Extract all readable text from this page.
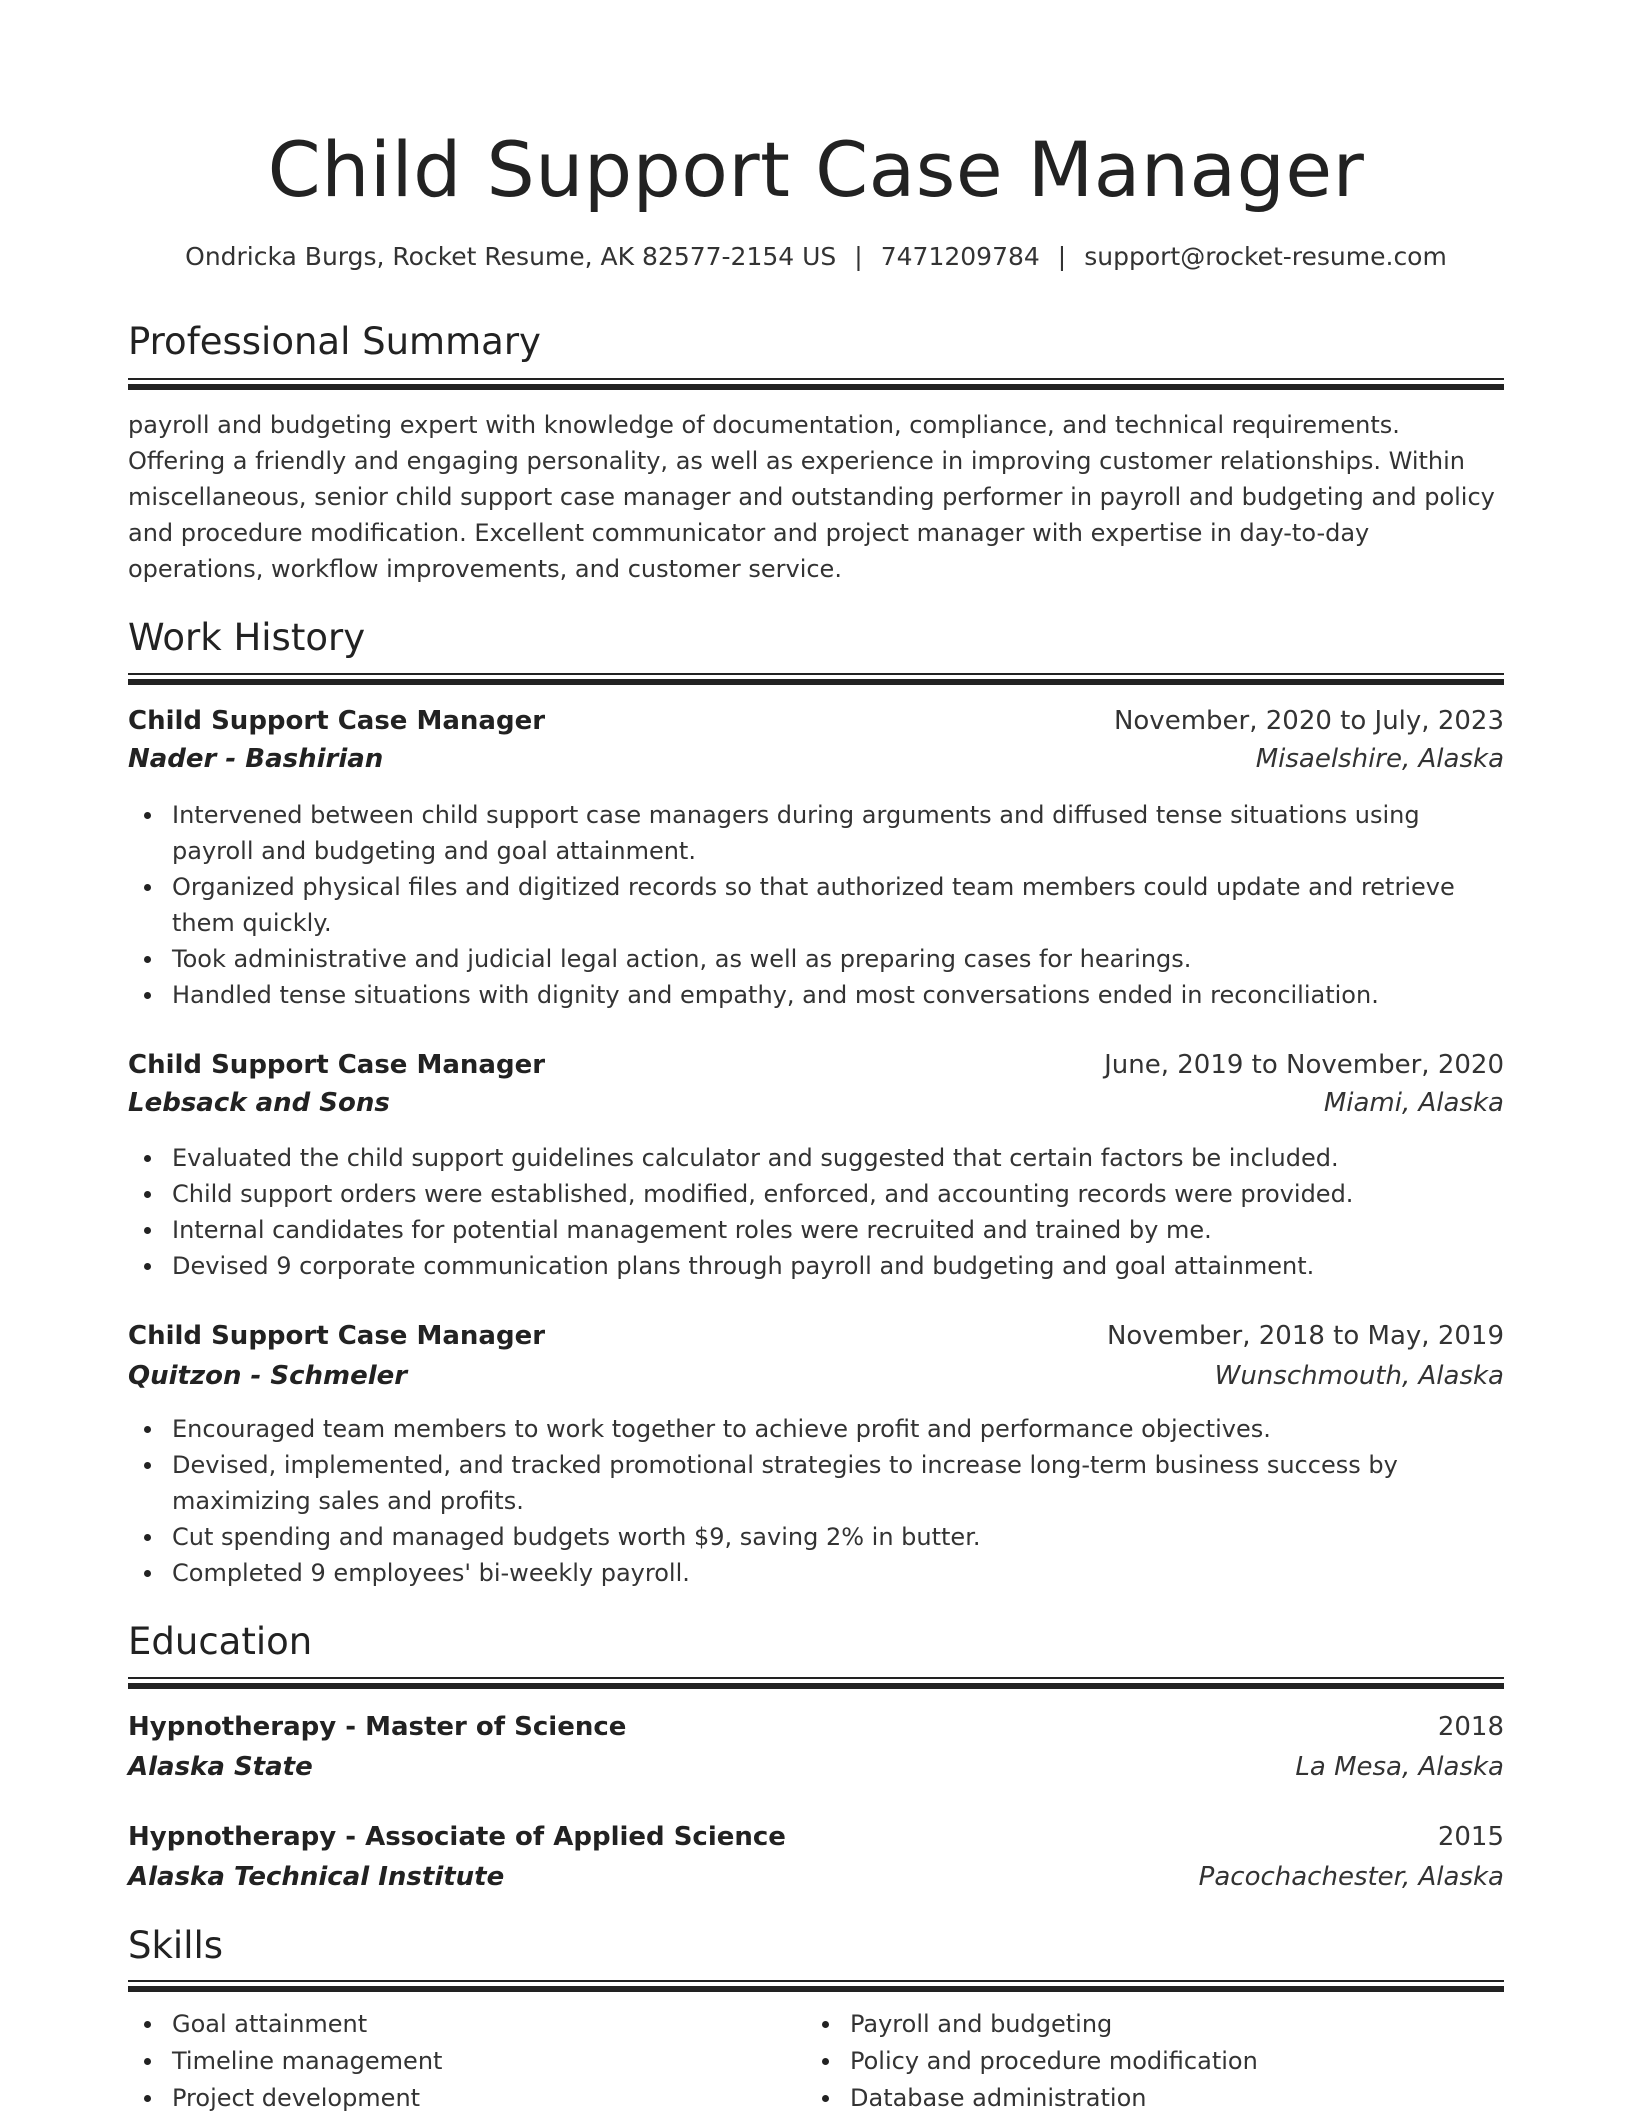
Child Support Case Manager
Ondricka Burgs, Rocket Resume, AK 82577-2154 US | 7471209784 | support@rocket-resume.com
Professional Summary

payroll and budgeting expert with knowledge of documentation, compliance, and technical requirements. Offering a friendly and engaging personality, as well as experience in improving customer relationships. Within miscellaneous, senior child support case manager and outstanding performer in payroll and budgeting and policy and procedure modification. Excellent communicator and project manager with expertise in day-to-day operations, workflow improvements, and customer service.

Work History
Child Support Case Manager	November, 2020 to July, 2023
Nader - Bashirian	Misaelshire, Alaska
Intervened between child support case managers during arguments and diffused tense situations using payroll and budgeting and goal attainment.
Organized physical files and digitized records so that authorized team members could update and retrieve them quickly.
Took administrative and judicial legal action, as well as preparing cases for hearings.
Handled tense situations with dignity and empathy, and most conversations ended in reconciliation.
Child Support Case Manager	June, 2019 to November, 2020
Lebsack and Sons	Miami, Alaska
Evaluated the child support guidelines calculator and suggested that certain factors be included.
Child support orders were established, modified, enforced, and accounting records were provided.
Internal candidates for potential management roles were recruited and trained by me.
Devised 9 corporate communication plans through payroll and budgeting and goal attainment.
Child Support Case Manager	November, 2018 to May, 2019
Quitzon - Schmeler	Wunschmouth, Alaska
Encouraged team members to work together to achieve profit and performance objectives.
Devised, implemented, and tracked promotional strategies to increase long-term business success by maximizing sales and profits.
Cut spending and managed budgets worth $9, saving 2% in butter.
Completed 9 employees' bi-weekly payroll.
Education
Hypnotherapy - Master of Science	2018
Alaska State	La Mesa, Alaska
Hypnotherapy - Associate of Applied Science	2015
Alaska Technical Institute	Pacochachester, Alaska
Skills
Goal attainment
Timeline management
Project development
Payroll and budgeting
Policy and procedure modification
Database administration
